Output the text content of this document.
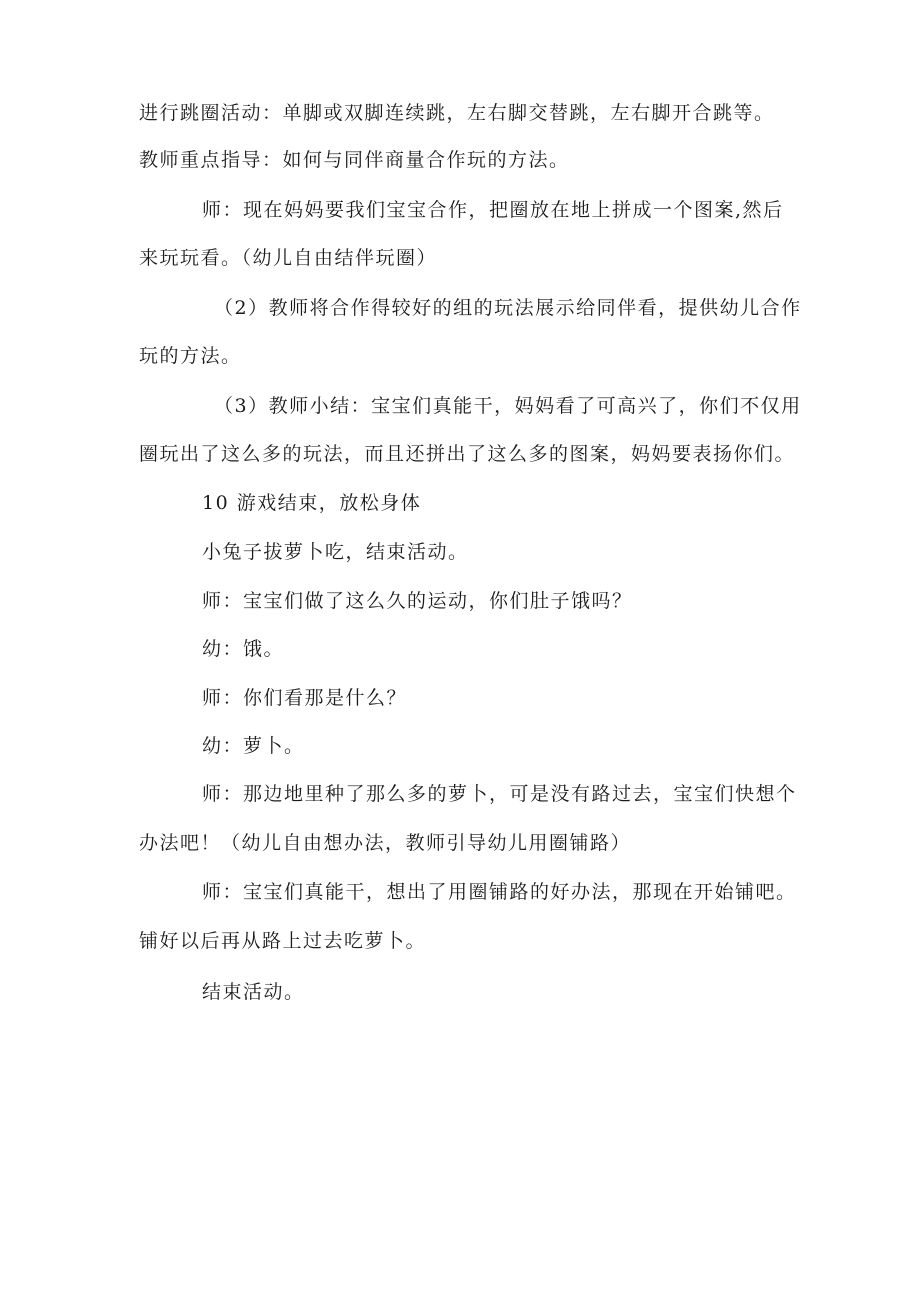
进行跳圈活动：单脚或双脚连续跳，左右脚交替跳，左右脚开合跳等。
教师重点指导：如何与同伴商量合作玩的方法。
师：现在妈妈要我们宝宝合作，把圈放在地上拼成一个图案,然后
来玩玩看。（幼儿自由结伴玩圈）
（2）教师将合作得较好的组的玩法展示给同伴看，提供幼儿合作
玩的方法。
（3）教师小结：宝宝们真能干，妈妈看了可高兴了，你们不仅用
圈玩出了这么多的玩法，而且还拼出了这么多的图案，妈妈要表扬你们。
10 游戏结束，放松身体
小兔子拔萝卜吃，结束活动。
师：宝宝们做了这么久的运动，你们肚子饿吗？
幼：饿。
师：你们看那是什么？
幼：萝卜。
师：那边地里种了那么多的萝卜，可是没有路过去，宝宝们快想个
办法吧！（幼儿自由想办法，教师引导幼儿用圈铺路）
师：宝宝们真能干，想出了用圈铺路的好办法，那现在开始铺吧。
铺好以后再从路上过去吃萝卜。
结束活动。
